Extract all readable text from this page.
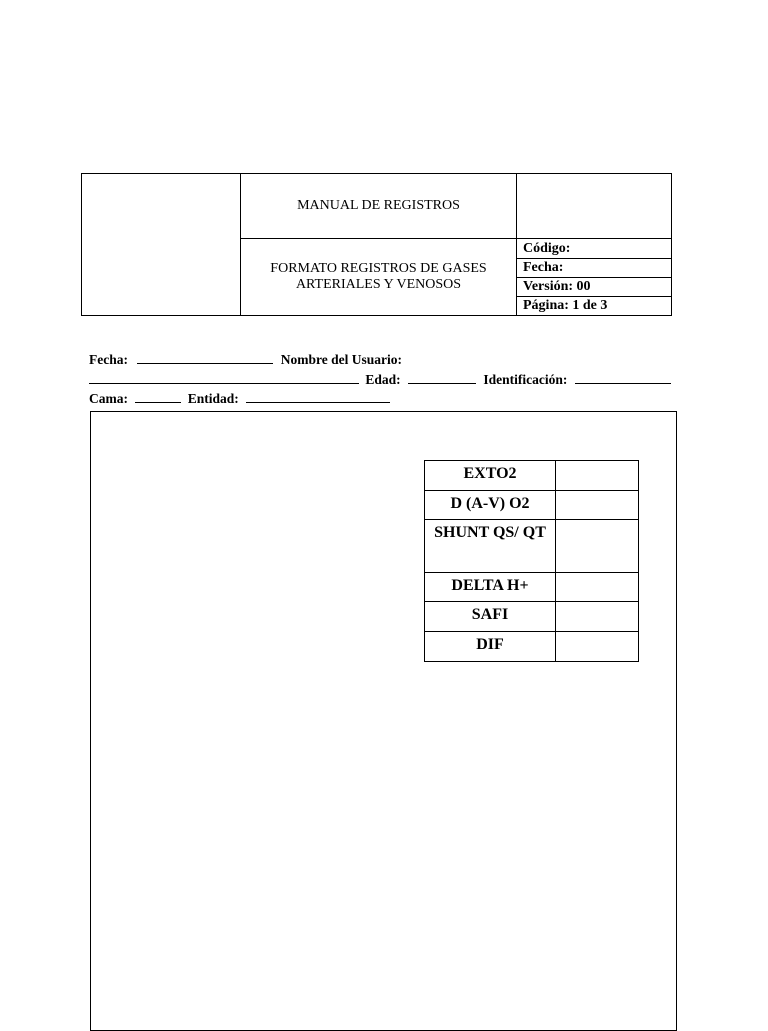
	MANUAL DE REGISTROS	

	FORMATO REGISTROS DE GASES
ARTERIALES Y VENOSOS	Código:
		Fecha:
		Versión: 00
		Página: 1 de 3
Fecha:	Nombre del Usuario:
Edad:	Identificación:
Cama:	Entidad:
EXTO2	
D (A-V) O2	
SHUNT QS/ QT	
DELTA H+	
SAFI	
DIF	
